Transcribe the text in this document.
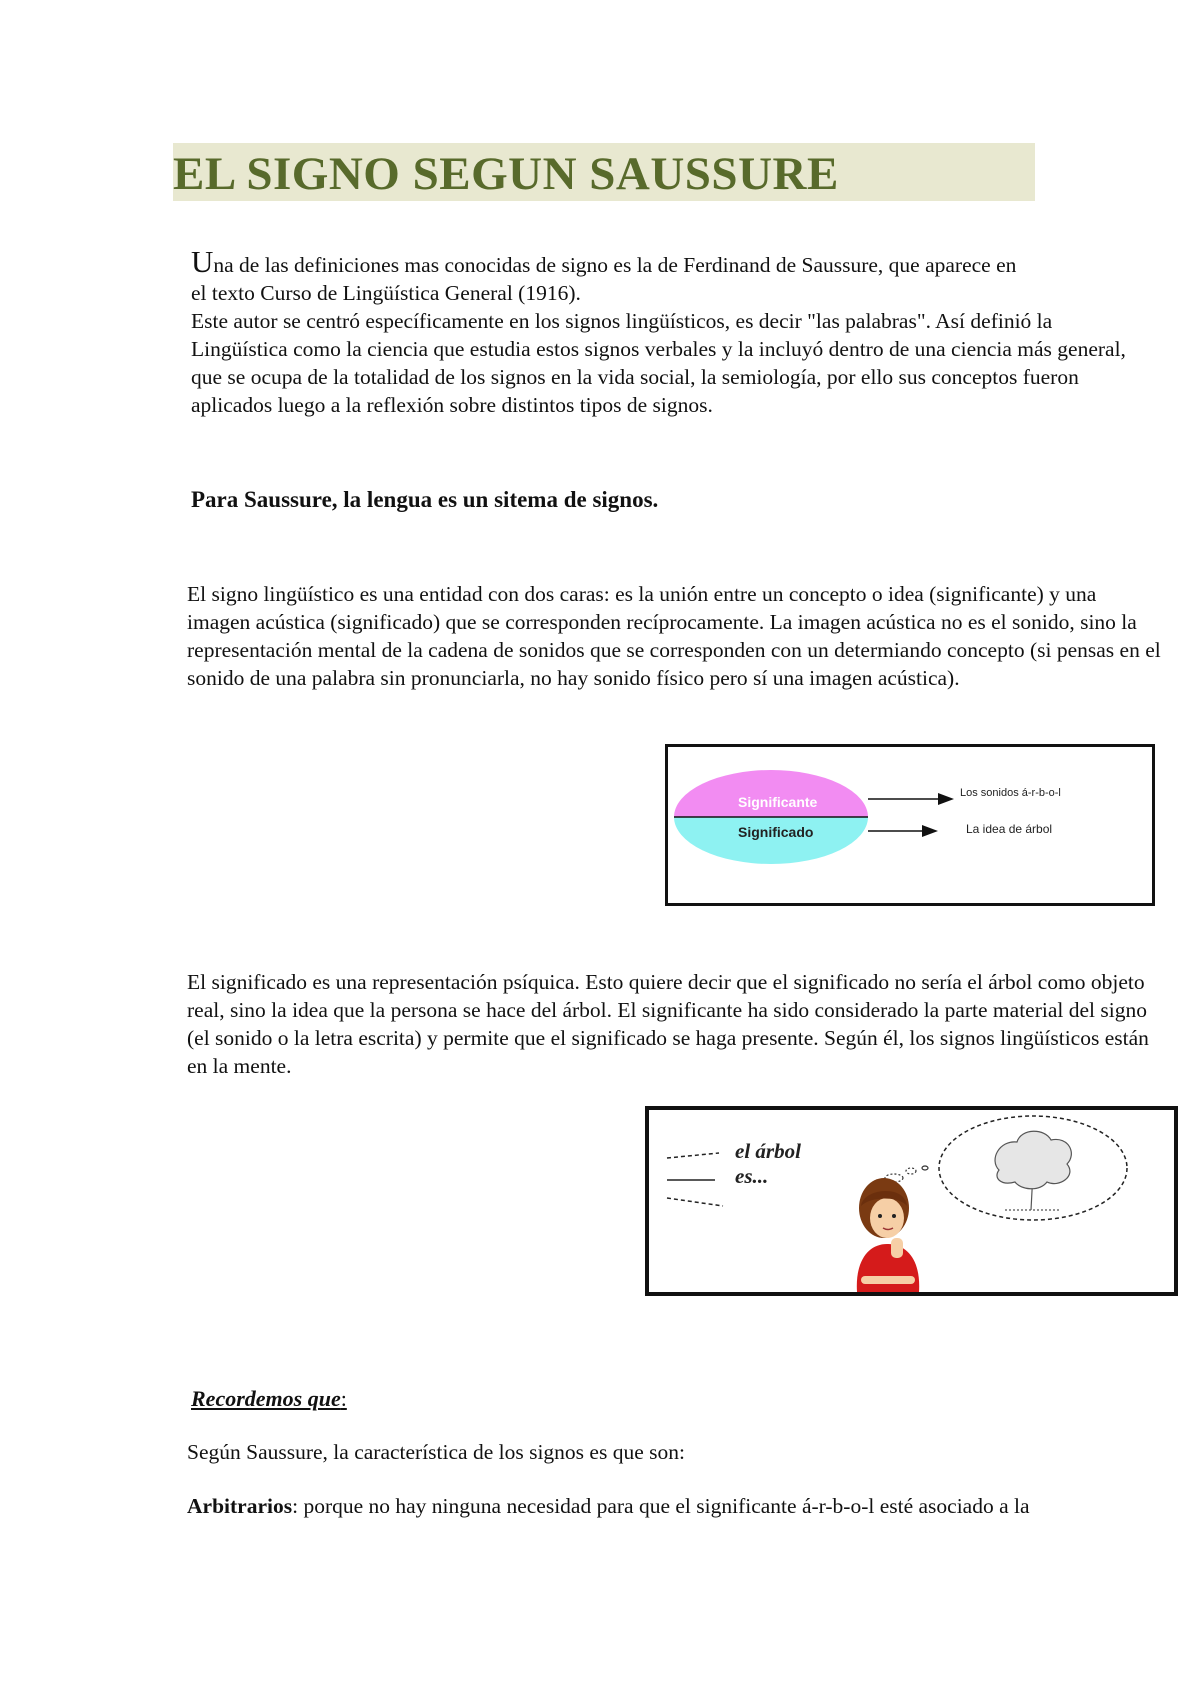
EL SIGNO SEGUN SAUSSURE

Una de las definiciones mas conocidas de signo es la de Ferdinand de Saussure, que aparece en

el texto Curso de Lingüística General (1916).

Este autor se centró específicamente en los signos lingüísticos, es decir "las palabras". Así definió la Lingüística como la ciencia que estudia estos signos verbales y la incluyó dentro de una ciencia más general, que se ocupa de la totalidad de los signos en la vida social, la semiología, por ello sus conceptos fueron aplicados luego a la reflexión sobre distintos tipos de signos.

Para Saussure, la lengua es un sitema de signos.
El signo lingüístico es una entidad con dos caras: es la unión entre un concepto o idea (significante) y una imagen acústica (significado) que se corresponden recíprocamente. La imagen acústica no es el sonido, sino la representación mental de la cadena de sonidos que se corresponden con un determiando concepto (si pensas en el sonido de una palabra sin pronunciarla, no hay sonido físico pero sí una imagen acústica).
Significante
Significado
Los sonidos á-r-b-o-l
La idea de árbol
El significado es una representación psíquica. Esto quiere decir que el significado no sería el árbol como objeto real, sino la idea que la persona se hace del árbol. El significante ha sido considerado la parte material del signo (el sonido o la letra escrita) y permite que el significado se haga presente. Según él, los signos lingüísticos están en la mente.
el árbol
es...
Recordemos que:
Según Saussure, la característica de los signos es que son:
Arbitrarios: porque no hay ninguna necesidad para que el significante á-r-b-o-l esté asociado a la
